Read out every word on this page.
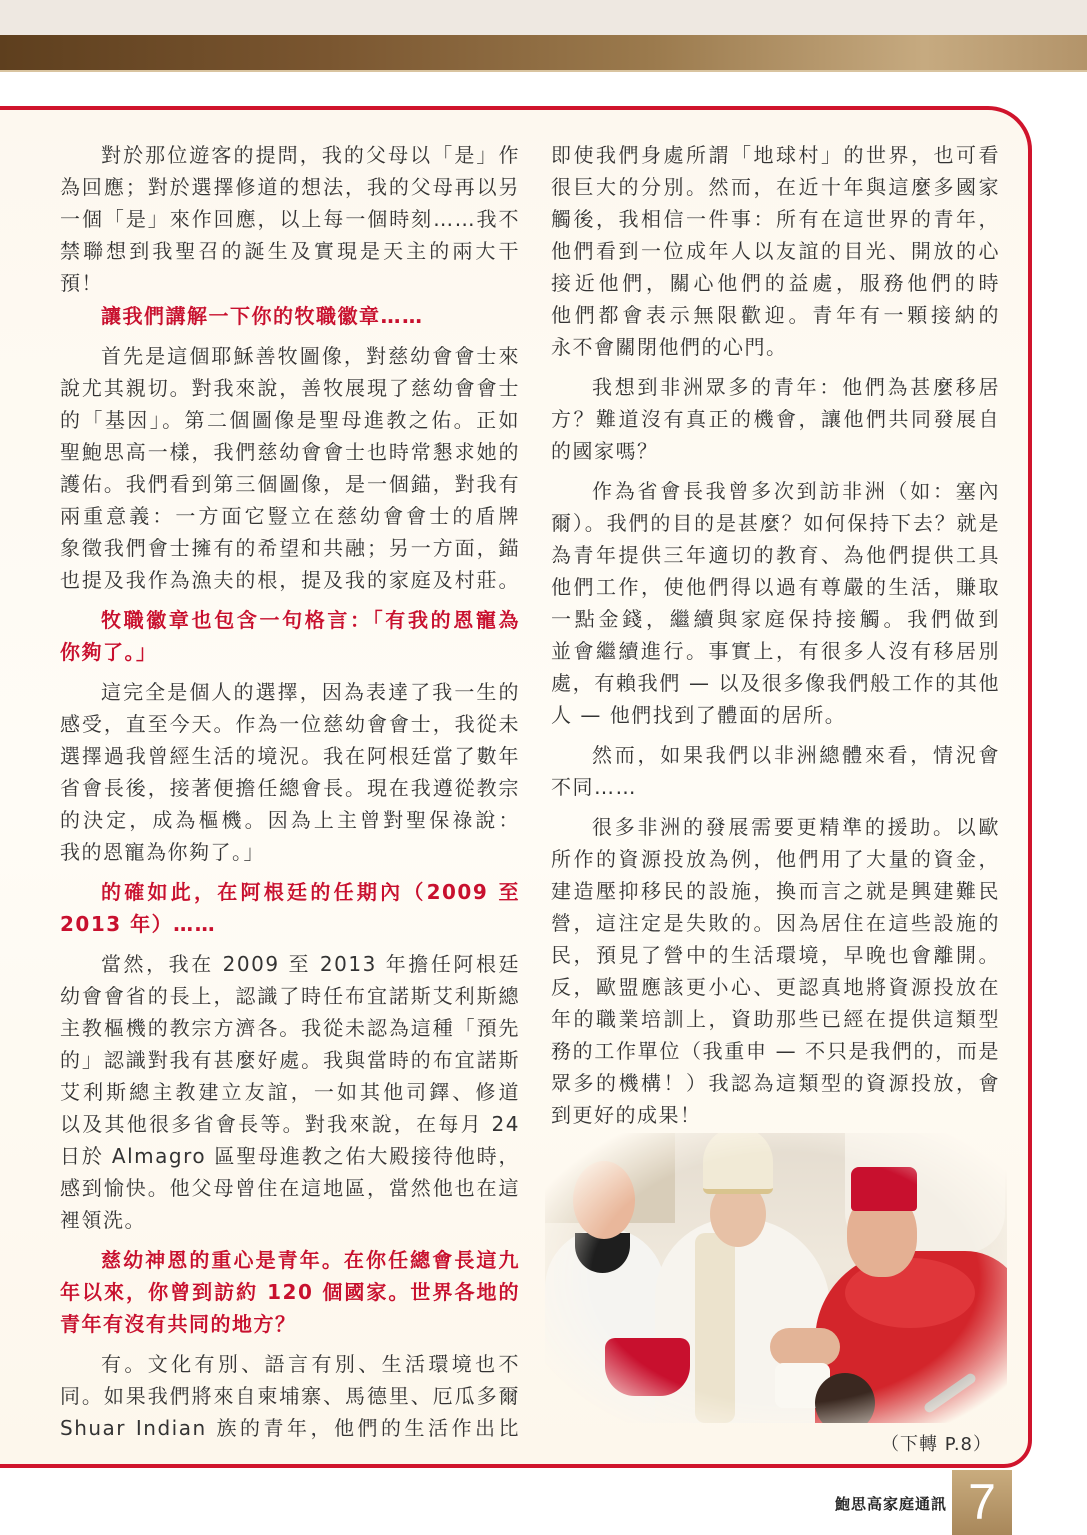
對於那位遊客的提問，我的父母以「是」作
為回應；對於選擇修道的想法，我的父母再以另
一個「是」來作回應，以上每一個時刻……我不
禁聯想到我聖召的誕生及實現是天主的兩大干
預！
讓我們講解一下你的牧職徽章……
首先是這個耶穌善牧圖像，對慈幼會會士來
說尤其親切。對我來說，善牧展現了慈幼會會士
的「基因」。第二個圖像是聖母進教之佑。正如
聖鮑思高一樣，我們慈幼會會士也時常懇求她的
護佑。我們看到第三個圖像，是一個錨，對我有
兩重意義：一方面它豎立在慈幼會會士的盾牌
象徵我們會士擁有的希望和共融；另一方面，錨
也提及我作為漁夫的根，提及我的家庭及村莊。
牧職徽章也包含一句格言：「有我的恩寵為
你夠了。」
這完全是個人的選擇，因為表達了我一生的
感受，直至今天。作為一位慈幼會會士，我從未
選擇過我曾經生活的境況。我在阿根廷當了數年
省會長後，接著便擔任總會長。現在我遵從教宗
的決定，成為樞機。因為上主曾對聖保祿說：
我的恩寵為你夠了。」
的確如此，在阿根廷的任期內（2009 至
2013 年）……
當然，我在 2009 至 2013 年擔任阿根廷
幼會會省的長上，認識了時任布宜諾斯艾利斯總
主教樞機的教宗方濟各。我從未認為這種「預先
的」認識對我有甚麼好處。我與當時的布宜諾斯
艾利斯總主教建立友誼，一如其他司鐸、修道
以及其他很多省會長等。對我來說，在每月 24
日於 Almagro 區聖母進教之佑大殿接待他時，
感到愉快。他父母曾住在這地區，當然他也在這
裡領洗。
慈幼神恩的重心是青年。在你任總會長這九
年以來，你曾到訪約 120 個國家。世界各地的
青年有沒有共同的地方？
有。文化有別、語言有別、生活環境也不
同。如果我們將來自柬埔寨、馬德里、厄瓜多爾
Shuar Indian 族的青年，他們的生活作出比
即使我們身處所謂「地球村」的世界，也可看
很巨大的分別。然而，在近十年與這麼多國家
觸後，我相信一件事：所有在這世界的青年，
他們看到一位成年人以友誼的目光、開放的心
接近他們，關心他們的益處，服務他們的時
他們都會表示無限歡迎。青年有一顆接納的
永不會關閉他們的心門。
我想到非洲眾多的青年：他們為甚麼移居
方？難道沒有真正的機會，讓他們共同發展自
的國家嗎？
作為省會長我曾多次到訪非洲（如：塞內
爾）。我們的目的是甚麼？如何保持下去？就是
為青年提供三年適切的教育、為他們提供工具
他們工作，使他們得以過有尊嚴的生活，賺取
一點金錢，繼續與家庭保持接觸。我們做到
並會繼續進行。事實上，有很多人沒有移居別
處，有賴我們 — 以及很多像我們般工作的其他
人 — 他們找到了體面的居所。
然而，如果我們以非洲總體來看，情況會
不同……
很多非洲的發展需要更精準的援助。以歐
所作的資源投放為例，他們用了大量的資金，
建造壓抑移民的設施，換而言之就是興建難民
營，這注定是失敗的。因為居住在這些設施的
民，預見了營中的生活環境，早晚也會離開。
反，歐盟應該更小心、更認真地將資源投放在
年的職業培訓上，資助那些已經在提供這類型
務的工作單位（我重申 — 不只是我們的，而是
眾多的機構！）我認為這類型的資源投放，會
到更好的成果！
（下轉 P.8）
鮑思高家庭通訊 7
